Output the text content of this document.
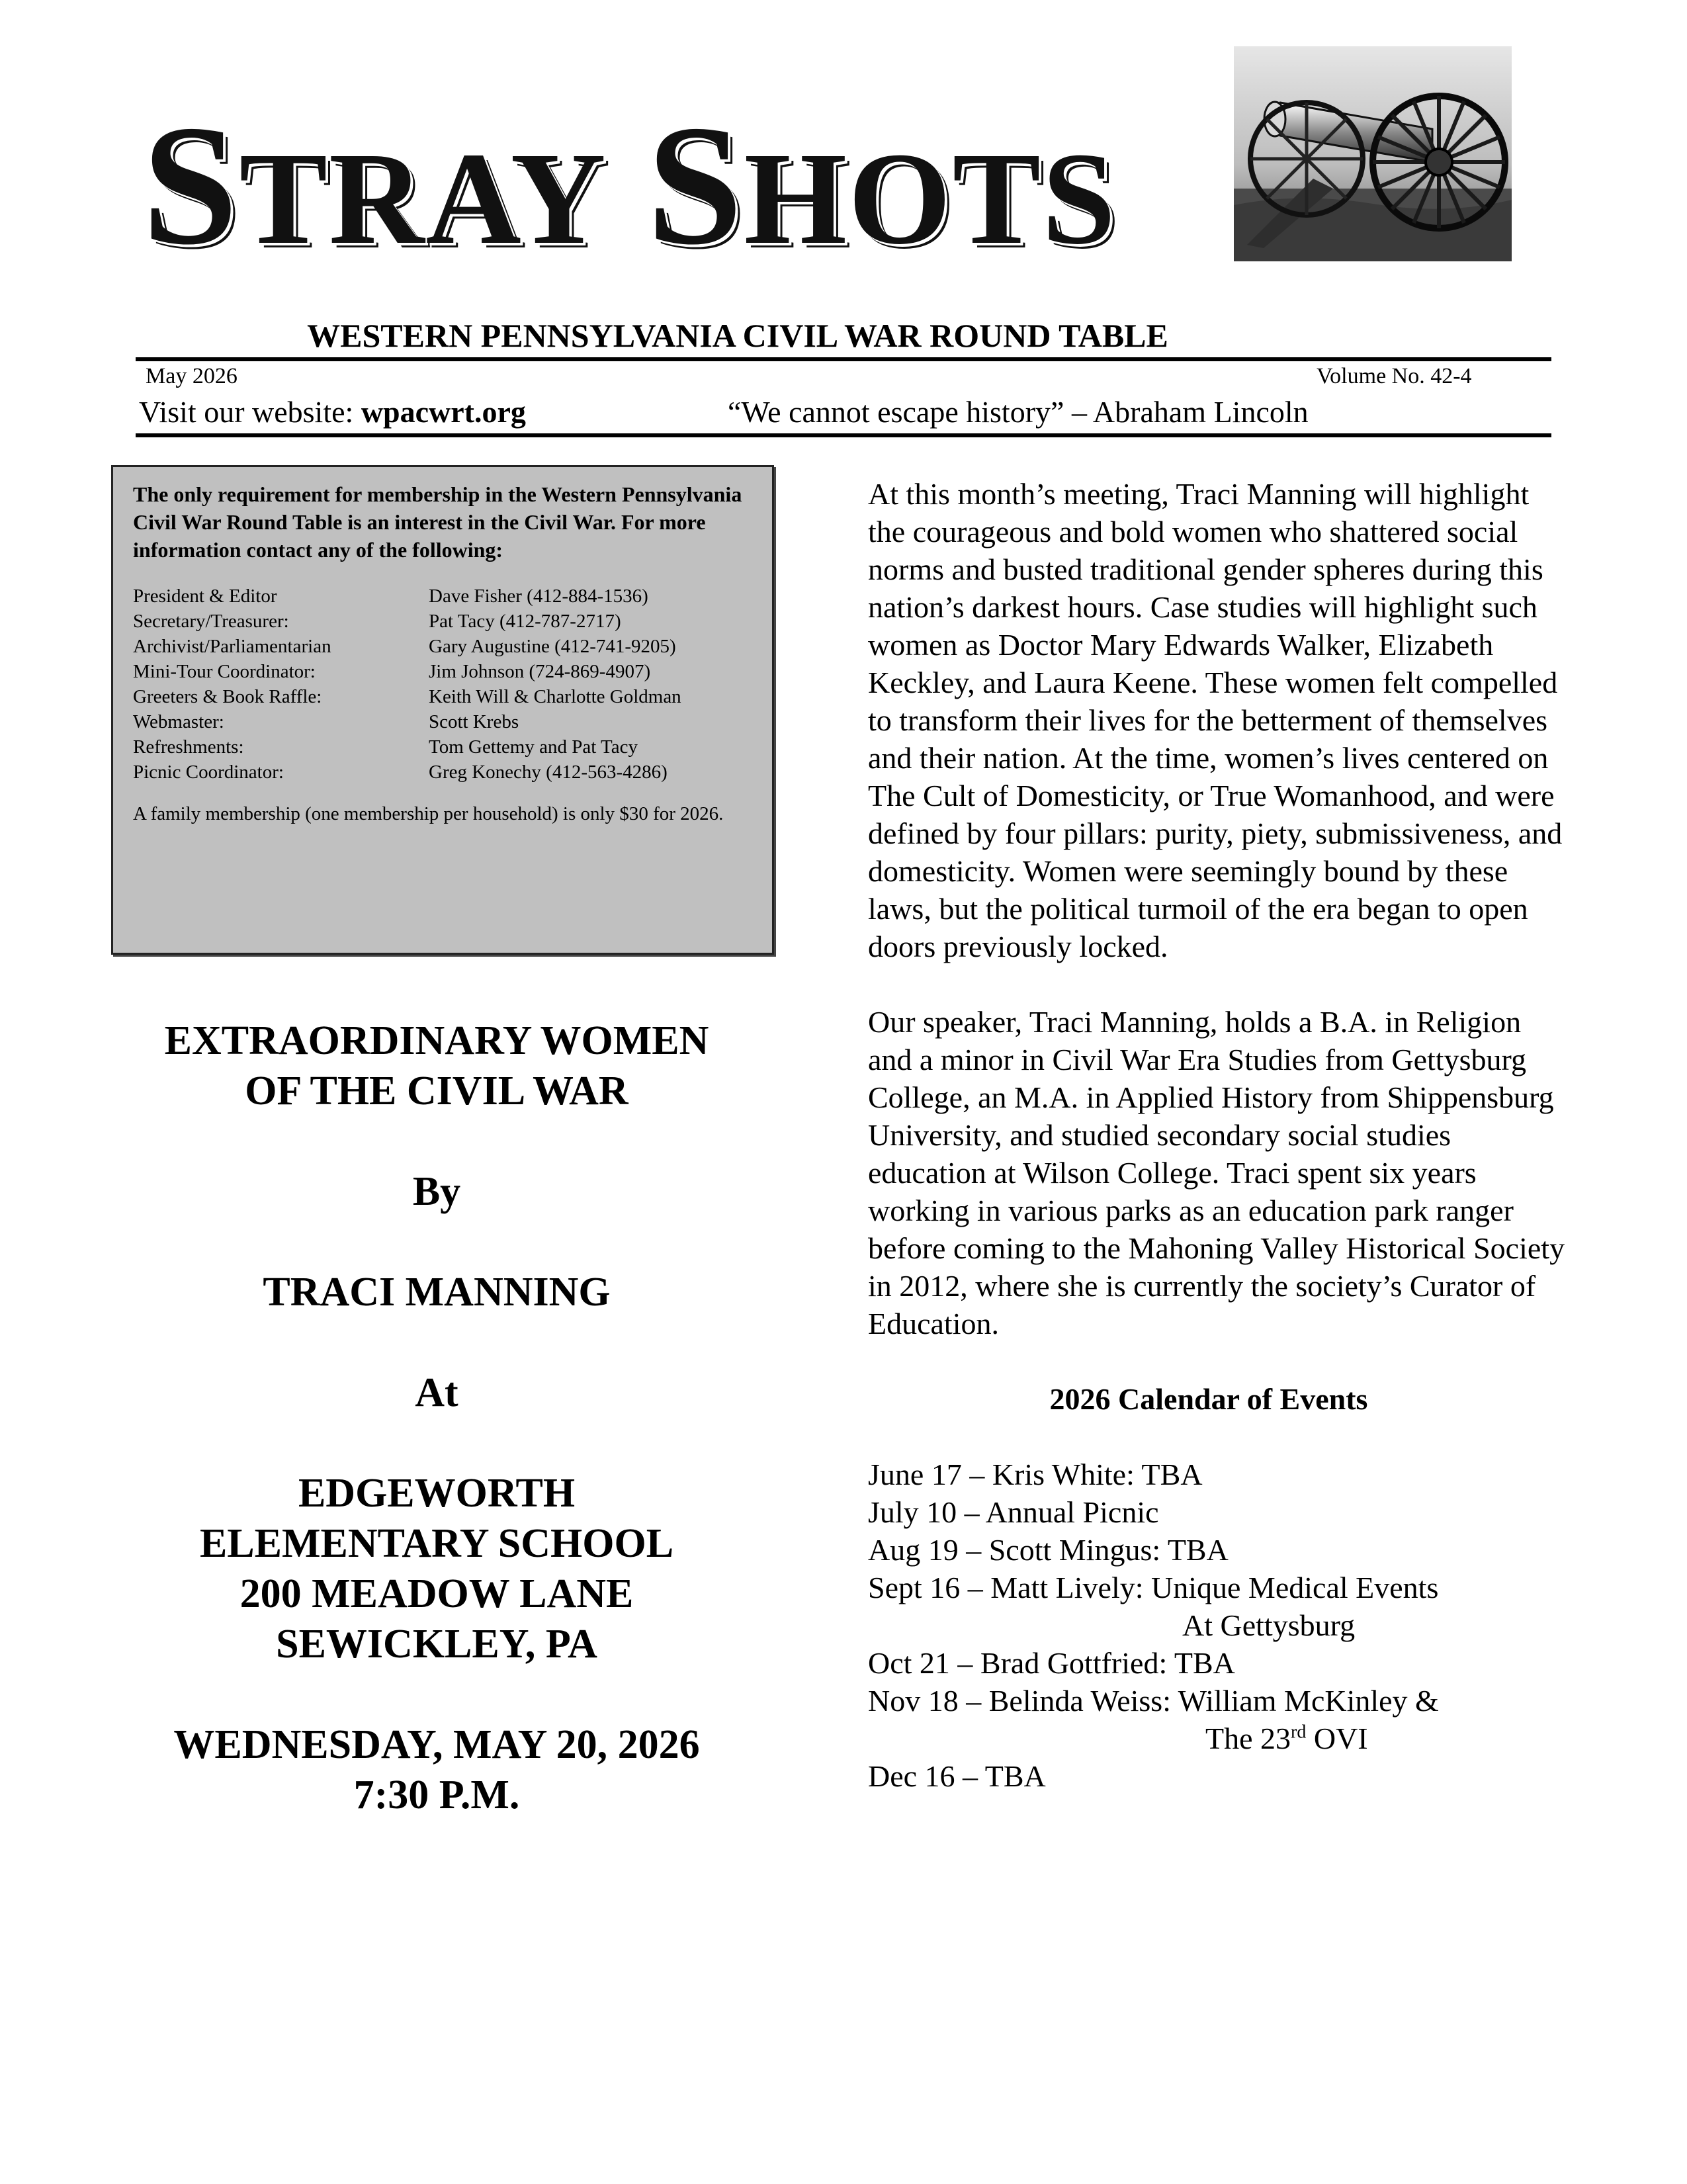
STRAY SHOTS
WESTERN PENNSYLVANIA CIVIL WAR ROUND TABLE
May 2026	Volume No. 42-4
Visit our website: wpacwrt.org	“We cannot escape history” – Abraham Lincoln
The only requirement for membership in the Western Pennsylvania Civil War Round Table is an interest in the Civil War. For more information contact any of the following:
President & Editor	Dave Fisher (412-884-1536)
Secretary/Treasurer:	Pat Tacy (412-787-2717)
Archivist/Parliamentarian	Gary Augustine (412-741-9205)
Mini-Tour Coordinator:	Jim Johnson (724-869-4907)
Greeters & Book Raffle:	Keith Will & Charlotte Goldman
Webmaster:	Scott Krebs
Refreshments:	Tom Gettemy and Pat Tacy
Picnic Coordinator:	Greg Konechy (412-563-4286)
A family membership (one membership per household) is only $30 for 2026.
EXTRAORDINARY WOMEN
OF THE CIVIL WAR
By
TRACI MANNING
At
EDGEWORTH
ELEMENTARY SCHOOL
200 MEADOW LANE
SEWICKLEY, PA
WEDNESDAY, MAY 20, 2026
7:30 P.M.

At this month’s meeting, Traci Manning will highlight the courageous and bold women who shattered social norms and busted traditional gender spheres during this nation’s darkest hours. Case studies will highlight such women as Doctor Mary Edwards Walker, Elizabeth Keckley, and Laura Keene. These women felt compelled to transform their lives for the betterment of themselves and their nation. At the time, women’s lives centered on The Cult of Domesticity, or True Womanhood, and were defined by four pillars: purity, piety, submissiveness, and domesticity. Women were seemingly bound by these laws, but the political turmoil of the era began to open doors previously locked.

Our speaker, Traci Manning, holds a B.A. in Religion and a minor in Civil War Era Studies from Gettysburg College, an M.A. in Applied History from Shippensburg University, and studied secondary social studies education at Wilson College. Traci spent six years working in various parks as an education park ranger before coming to the Mahoning Valley Historical Society in 2012, where she is currently the society’s Curator of Education.

2026 Calendar of Events
June 17 – Kris White: TBA
July 10 – Annual Picnic
Aug 19 – Scott Mingus: TBA
Sept 16 – Matt Lively: Unique Medical Events
At Gettysburg
Oct 21 – Brad Gottfried: TBA
Nov 18 – Belinda Weiss: William McKinley &
The 23rd OVI
Dec 16 – TBA
